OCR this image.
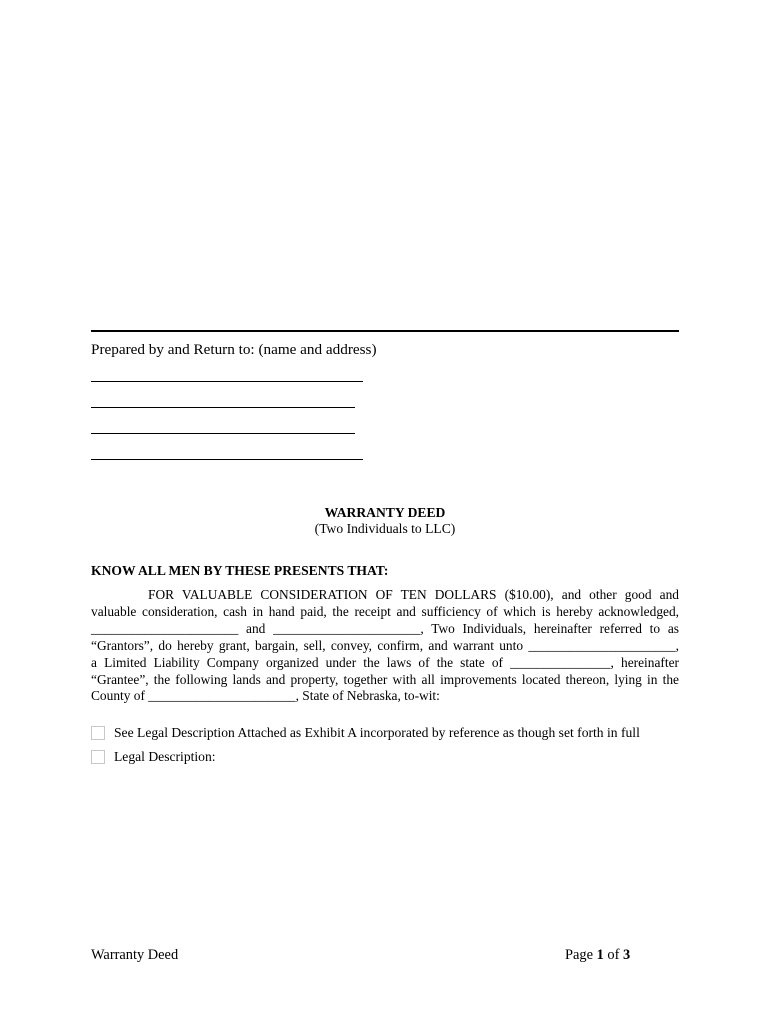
Prepared by and Return to: (name and address)
WARRANTY DEED
(Two Individuals to LLC)
KNOW ALL MEN BY THESE PRESENTS THAT:
FOR VALUABLE CONSIDERATION OF TEN DOLLARS ($10.00), and other good and
valuable consideration, cash in hand paid, the receipt and sufficiency of which is hereby acknowledged,
______________________ and ______________________, Two Individuals, hereinafter referred to as
“Grantors”, do hereby grant, bargain, sell, convey, confirm, and warrant unto ______________________,
a Limited Liability Company organized under the laws of the state of _______________, hereinafter
“Grantee”, the following lands and property, together with all improvements located thereon, lying in the
County of ______________________, State of Nebraska, to-wit:
See Legal Description Attached as Exhibit A incorporated by reference as though set forth in full
Legal Description:
Warranty Deed	Page 1 of 3
